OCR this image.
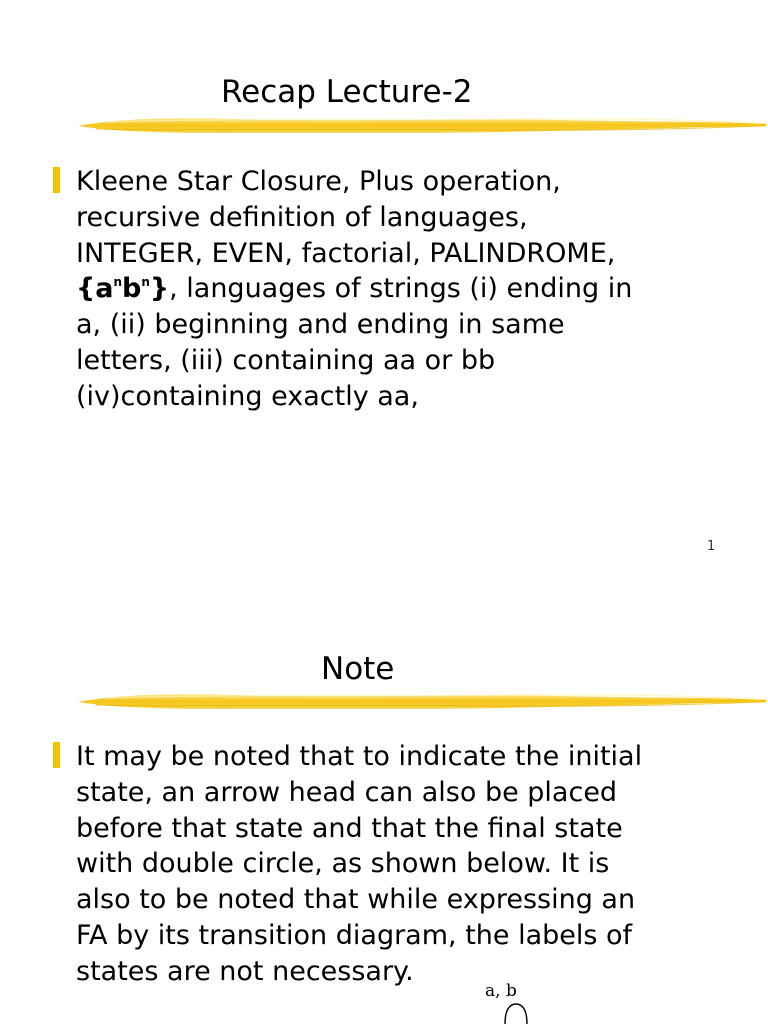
Recap Lecture-2

Kleene Star Closure, Plus operation,
recursive definition of languages,
INTEGER, EVEN, factorial, PALINDROME,
$\{a^nb^n\}$, languages of strings (i) ending in
a, (ii) beginning and ending in same
letters, (iii) containing aa or bb
(iv)containing exactly aa,

1
Note

It may be noted that to indicate the initial
state, an arrow head can also be placed
before that state and that the final state
with double circle, as shown below. It is
also to be noted that while expressing an
FA by its transition diagram, the labels of
states are not necessary.

a, b
